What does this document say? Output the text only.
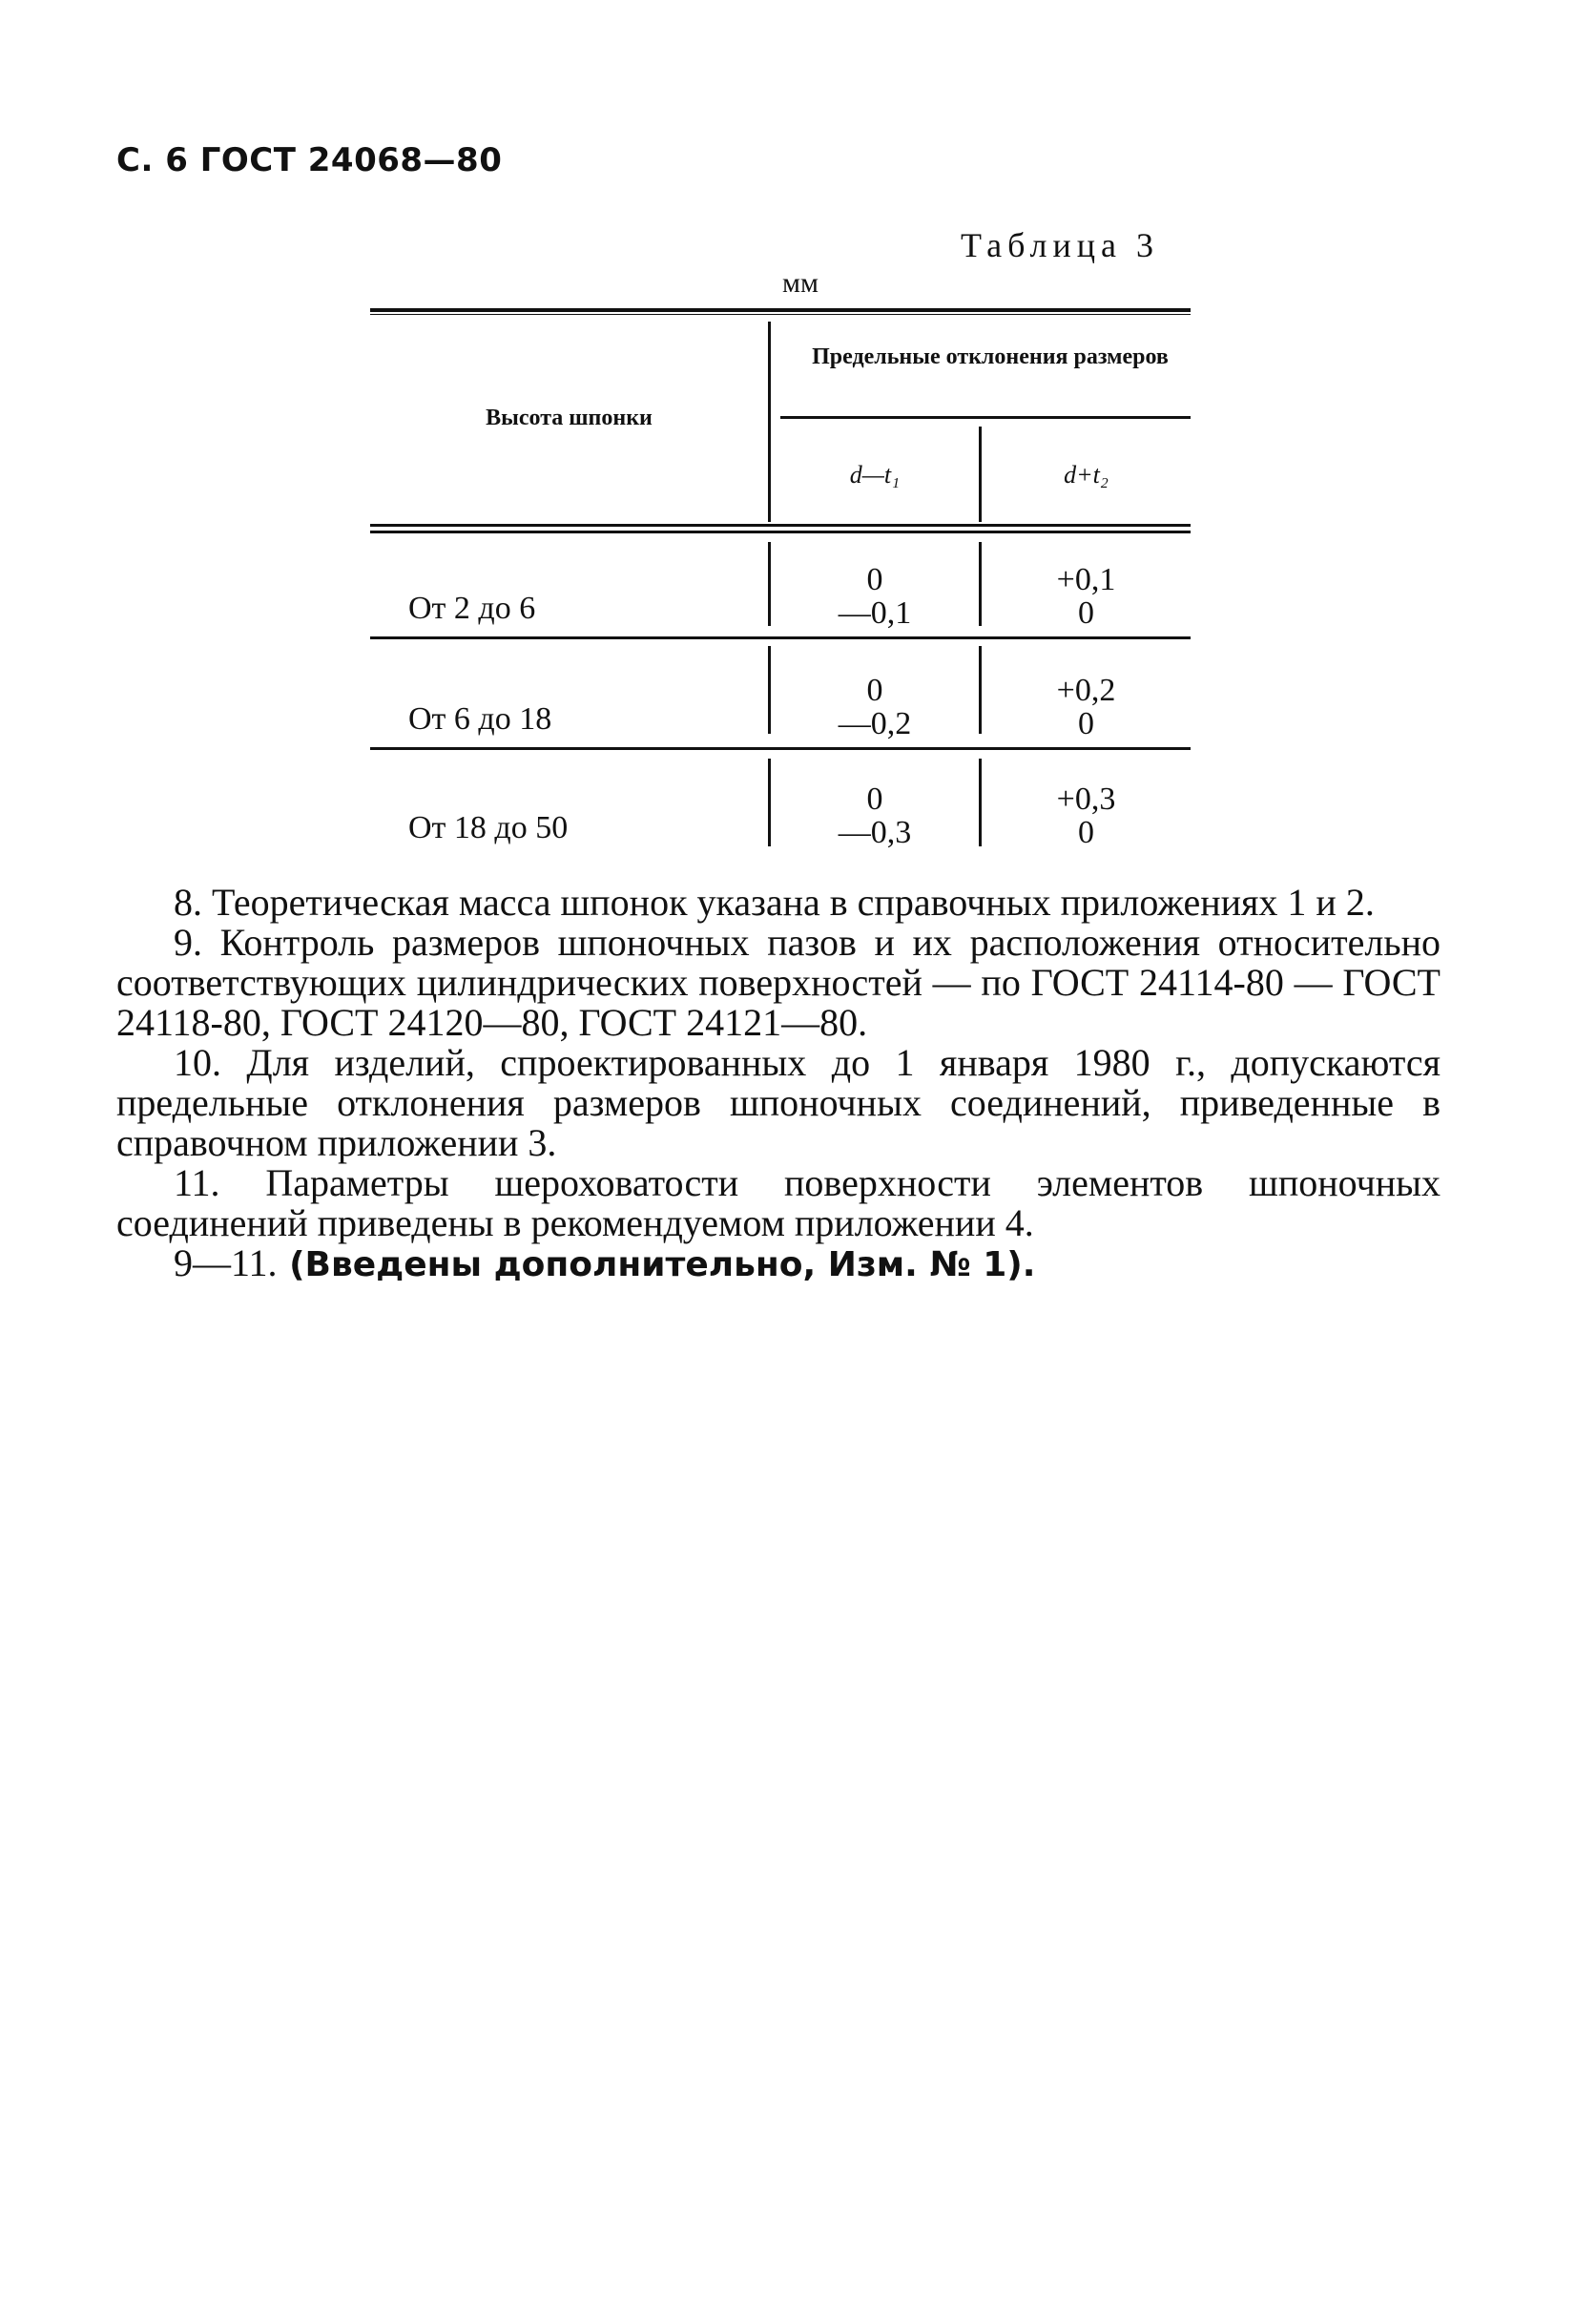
С. 6 ГОСТ 24068—80
Таблица 3
мм
Высота шпонки
Предельные отклонения размеров
d—t₁	d+t₂
От 2 до 6
0
—0,1
+0,1
0
От 6 до 18
0
—0,2
+0,2
0
От 18 до 50
0
—0,3
+0,3
0

8. Теоретическая масса шпонок указана в справочных приложениях 1 и 2.

9. Контроль размеров шпоночных пазов и их расположения относительно соответствующих цилиндрических поверхностей — по ГОСТ 24114-80 — ГОСТ 24118-80, ГОСТ 24120—80, ГОСТ 24121—80.

10. Для изделий, спроектированных до 1 января 1980 г., допускаются предельные отклонения размеров шпоночных соединений, приведенные в справочном приложении 3.

11. Параметры шероховатости поверхности элементов шпоночных соединений приведены в рекомендуемом приложении 4.

9—11. (Введены дополнительно, Изм. № 1).
